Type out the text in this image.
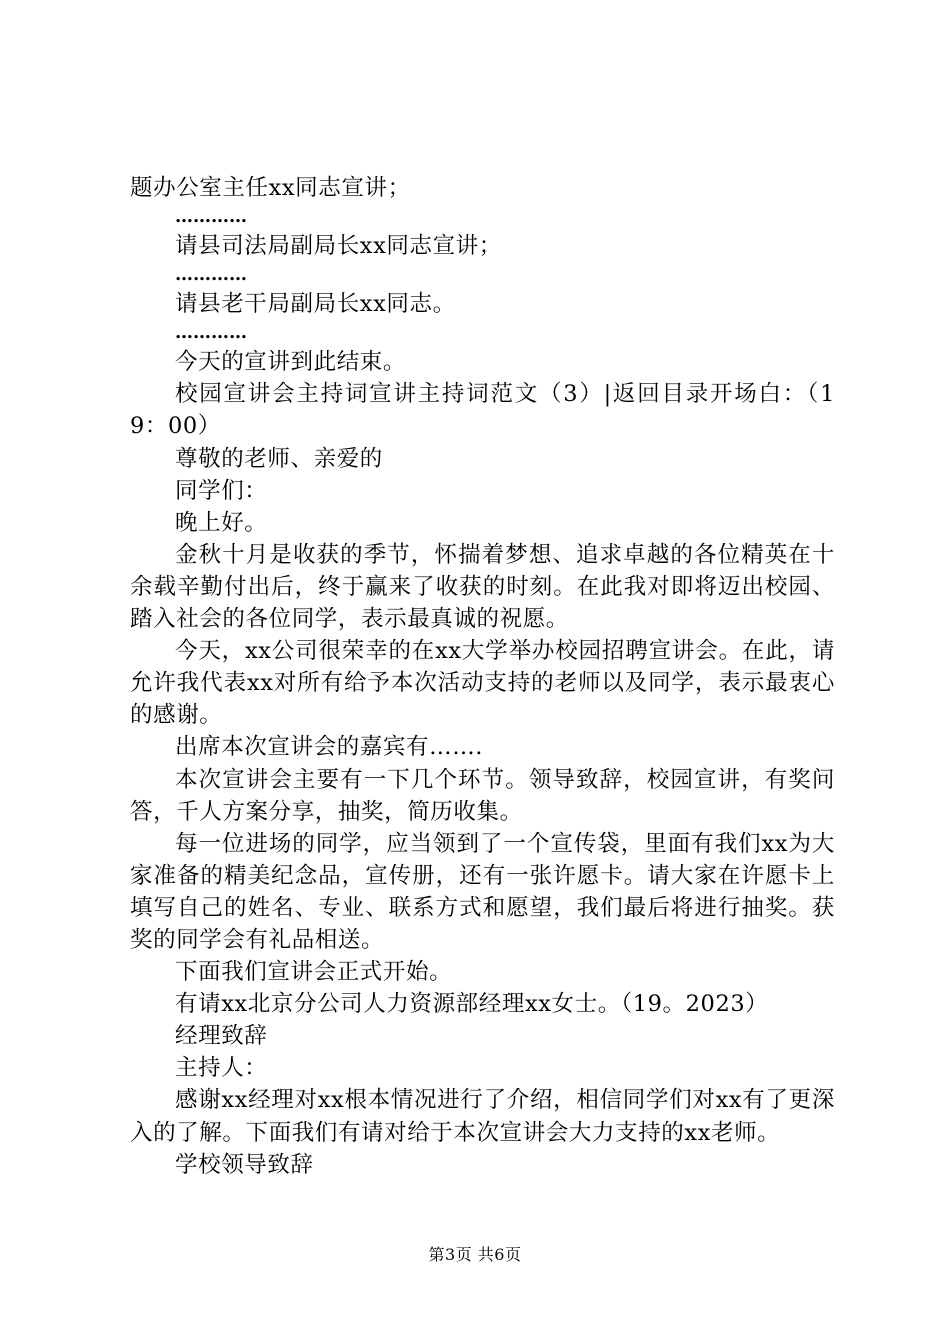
题办公室主任xx同志宣讲；

…………

请县司法局副局长xx同志宣讲；

…………

请县老干局副局长xx同志。

…………

今天的宣讲到此结束。

校园宣讲会主持词宣讲主持词范文（3）|返回目录开场白：（19：00）

尊敬的老师、亲爱的

同学们：

晚上好。

金秋十月是收获的季节，怀揣着梦想、追求卓越的各位精英在十余载辛勤付出后，终于赢来了收获的时刻。在此我对即将迈出校园、踏入社会的各位同学，表示最真诚的祝愿。

今天，xx公司很荣幸的在xx大学举办校园招聘宣讲会。在此，请允许我代表xx对所有给予本次活动支持的老师以及同学，表示最衷心的感谢。

出席本次宣讲会的嘉宾有…….

本次宣讲会主要有一下几个环节。领导致辞，校园宣讲，有奖问答，千人方案分享，抽奖，简历收集。

每一位进场的同学，应当领到了一个宣传袋，里面有我们xx为大家准备的精美纪念品，宣传册，还有一张许愿卡。请大家在许愿卡上填写自己的姓名、专业、联系方式和愿望，我们最后将进行抽奖。获奖的同学会有礼品相送。

下面我们宣讲会正式开始。

有请xx北京分公司人力资源部经理xx女士。（19。2023）

经理致辞

主持人：

感谢xx经理对xx根本情况进行了介绍，相信同学们对xx有了更深入的了解。下面我们有请对给于本次宣讲会大力支持的xx老师。

学校领导致辞

第3页 共6页
